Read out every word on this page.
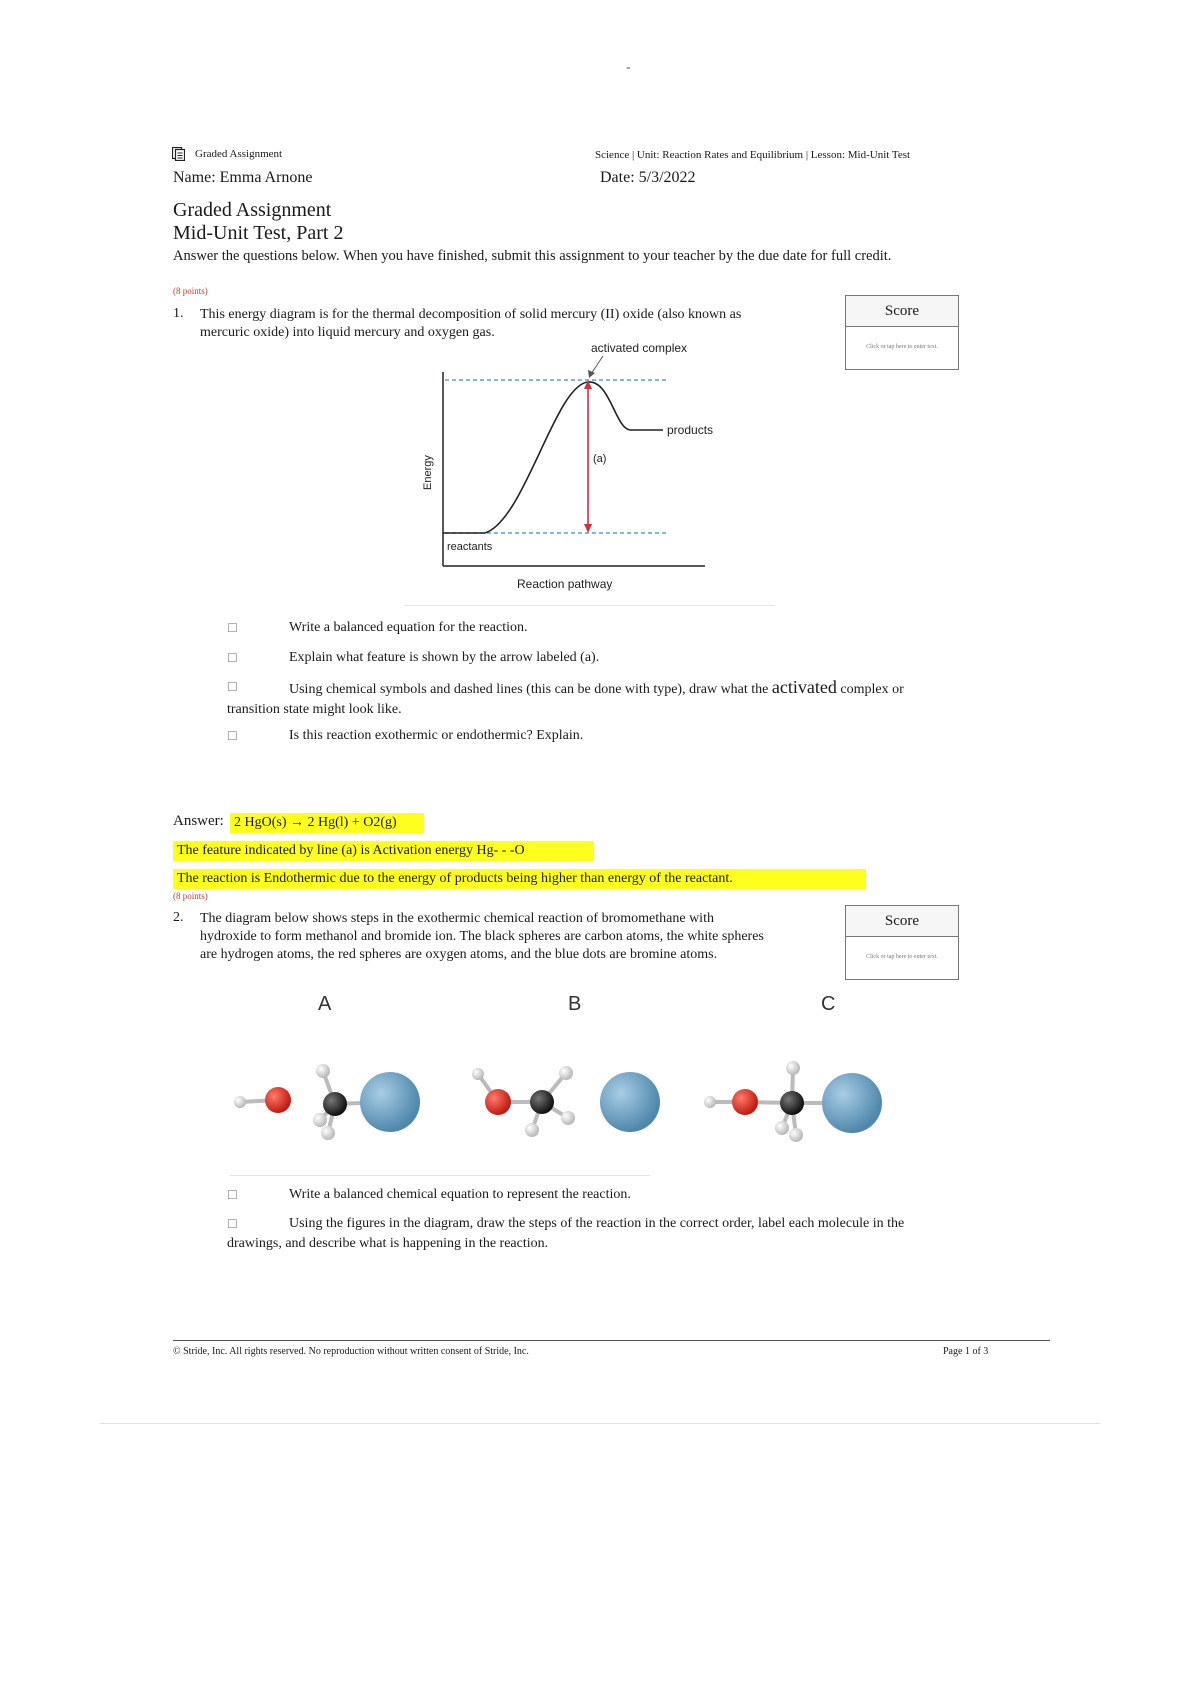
-
Graded Assignment	Science | Unit: Reaction Rates and Equilibrium | Lesson: Mid-Unit Test
Name: Emma Arnone	Date: 5/3/2022
Graded Assignment
Mid-Unit Test, Part 2
Answer the questions below. When you have finished, submit this assignment to your teacher by the due date for full credit.
(8 points)
1. This energy diagram is for the thermal decomposition of solid mercury (II) oxide (also known as mercuric oxide) into liquid mercury and oxygen gas.
Score
Click or tap here to enter text.
activated complex
products
reactants
(a)
Energy
Reaction pathway
☐	Write a balanced equation for the reaction.
☐	Explain what feature is shown by the arrow labeled (a).
☐	Using chemical symbols and dashed lines (this can be done with type), draw what the activated complex or transition state might look like.
☐	Is this reaction exothermic or endothermic? Explain.
Answer: 2 HgO(s) → 2 Hg(l) + O2(g)
The feature indicated by line (a) is Activation energy Hg- - -O
The reaction is Endothermic due to the energy of products being higher than energy of the reactant.
(8 points)
2. The diagram below shows steps in the exothermic chemical reaction of bromomethane with hydroxide to form methanol and bromide ion. The black spheres are carbon atoms, the white spheres are hydrogen atoms, the red spheres are oxygen atoms, and the blue dots are bromine atoms.
Score
Click or tap here to enter text.
A	B	C
☐	Write a balanced chemical equation to represent the reaction.
☐	Using the figures in the diagram, draw the steps of the reaction in the correct order, label each molecule in the drawings, and describe what is happening in the reaction.
© Stride, Inc. All rights reserved. No reproduction without written consent of Stride, Inc.	Page 1 of 3
